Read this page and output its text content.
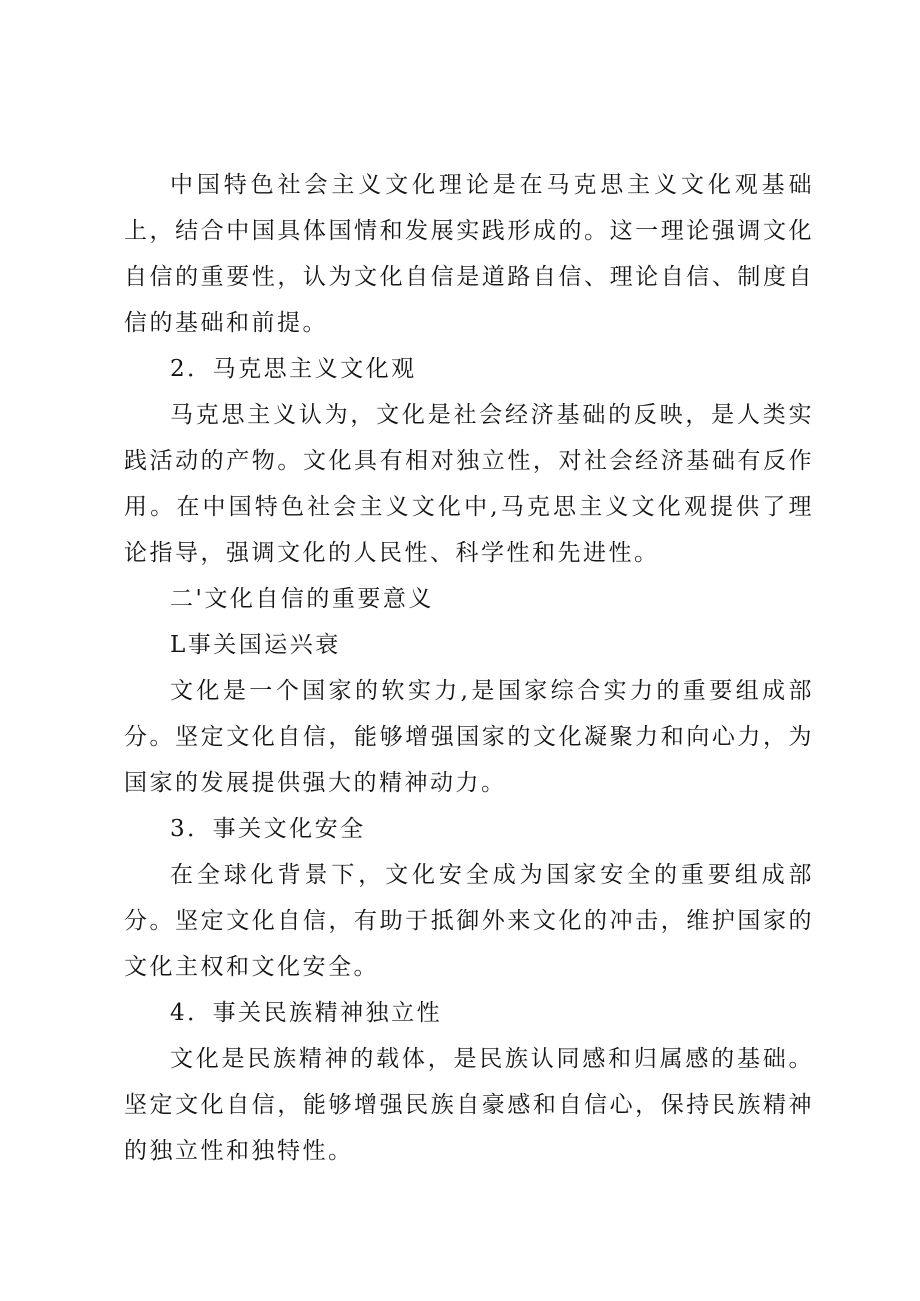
中国特色社会主义文化理论是在马克思主义文化观基础上，结合中国具体国情和发展实践形成的。这一理论强调文化自信的重要性，认为文化自信是道路自信、理论自信、制度自信的基础和前提。

2．马克思主义文化观

马克思主义认为，文化是社会经济基础的反映，是人类实践活动的产物。文化具有相对独立性，对社会经济基础有反作用。在中国特色社会主义文化中,马克思主义文化观提供了理论指导，强调文化的人民性、科学性和先进性。

二'文化自信的重要意义

L事关国运兴衰

文化是一个国家的软实力,是国家综合实力的重要组成部分。坚定文化自信，能够增强国家的文化凝聚力和向心力，为国家的发展提供强大的精神动力。

3．事关文化安全

在全球化背景下，文化安全成为国家安全的重要组成部分。坚定文化自信，有助于抵御外来文化的冲击，维护国家的文化主权和文化安全。

4．事关民族精神独立性

文化是民族精神的载体，是民族认同感和归属感的基础。坚定文化自信，能够增强民族自豪感和自信心，保持民族精神的独立性和独特性。
